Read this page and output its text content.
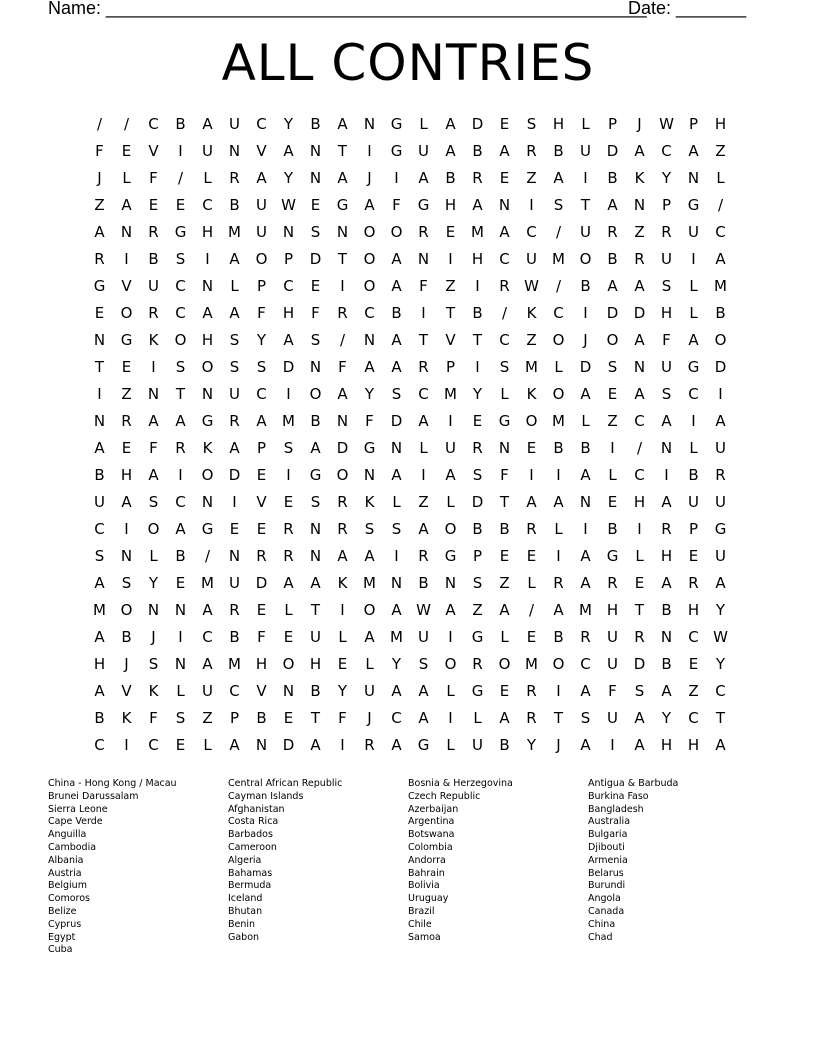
Name: ______________________________________________________
Date: _______
ALL CONTRIES
/	/	C	B	A	U	C	Y	B	A	N	G	L	A	D	E	S	H	L	P	J	W	P	H
F	E	V	I	U	N	V	A	N	T	I	G	U	A	B	A	R	B	U	D	A	C	A	Z
J	L	F	/	L	R	A	Y	N	A	J	I	A	B	R	E	Z	A	I	B	K	Y	N	L
Z	A	E	E	C	B	U W E	G	A	F	G	H	A	N	I	S	T	A	N	P	G	/
A	N	R	G	H M	U	N	S	N	O	O	R	E	M	A	C	/	U	R	Z	R	U	C
R	I	B	S	I	A	O	P	D	T	O	A	N	I	H	C	U	M O	B	R	U	I	A
G	V	U	C	N	L	P	C	E	I	O	A	F	Z	I	R W	/	B	A	A	S	L	M
E	O	R	C	A	A	F	H	F	R	C	B	I	T	B	/	K	C	I	D	D	H	L	B
N	G	K	O	H	S	Y	A	S	/	N	A	T	V	T	C	Z	O	J	O	A	F	A	O
T	E	I	S	O	S	S	D	N	F	A	A	R	P	I	S	M	L	D	S	N	U	G	D
I	Z	N	T	N	U	C	I	O	A	Y	S	C	M	Y	L	K	O	A	E	A	S	C	I
N	R	A	A	G	R	A	M	B	N	F	D	A	I	E	G	O M	L	Z	C	A	I	A
A	E	F	R	K	A	P	S	A	D	G	N	L	U	R	N	E	B	B	I	/	N	L	U
B	H	A	I	O	D	E	I	G	O	N	A	I	A	S	F	I	I	A	L	C	I	B	R
U	A	S	C	N	I	V	E	S	R	K	L	Z	L	D	T	A	A	N	E	H	A	U	U
C	I	O	A	G	E	E	R	N	R	S	S	A	O	B	B	R	L	I	B	I	R	P	G
S	N	L	B	/	N	R	R	N	A	A	I	R	G	P	E	E	I	A	G	L	H	E	U
A	S	Y	E	M	U	D	A	A	K	M N	B	N	S	Z	L	R	A	R	E	A	R	A
M O	N	N	A	R	E	L	T	I	O	A W A	Z	A	/	A	M H	T	B	H	Y
A	B	J	I	C	B	F	E	U	L	A	M	U	I	G	L	E	B	R	U	R	N	C W
H	J	S	N	A	M H	O	H	E	L	Y	S	O	R	O M O	C	U	D	B	E	Y
A	V	K	L	U	C	V	N	B	Y	U	A	A	L	G	E	R	I	A	F	S	A	Z	C
B	K	F	S	Z	P	B	E	T	F	J	C	A	I	L	A	R	T	S	U	A	Y	C	T
C	I	C	E	L	A	N	D	A	I	R	A	G	L	U	B	Y	J	A	I	A	H	H	A
China - Hong Kong / Macau
Brunei Darussalam
Sierra Leone
Cape Verde
Anguilla
Cambodia
Albania
Austria
Belgium
Comoros
Belize
Cyprus
Egypt
Cuba
Central African Republic
Cayman Islands
Afghanistan
Costa Rica
Barbados
Cameroon
Algeria
Bahamas
Bermuda
Iceland
Bhutan
Benin
Gabon
Bosnia & Herzegovina
Czech Republic
Azerbaijan
Argentina
Botswana
Colombia
Andorra
Bahrain
Bolivia
Uruguay
Brazil
Chile
Samoa
Antigua & Barbuda
Burkina Faso
Bangladesh
Australia
Bulgaria
Djibouti
Armenia
Belarus
Burundi
Angola
Canada
China
Chad
